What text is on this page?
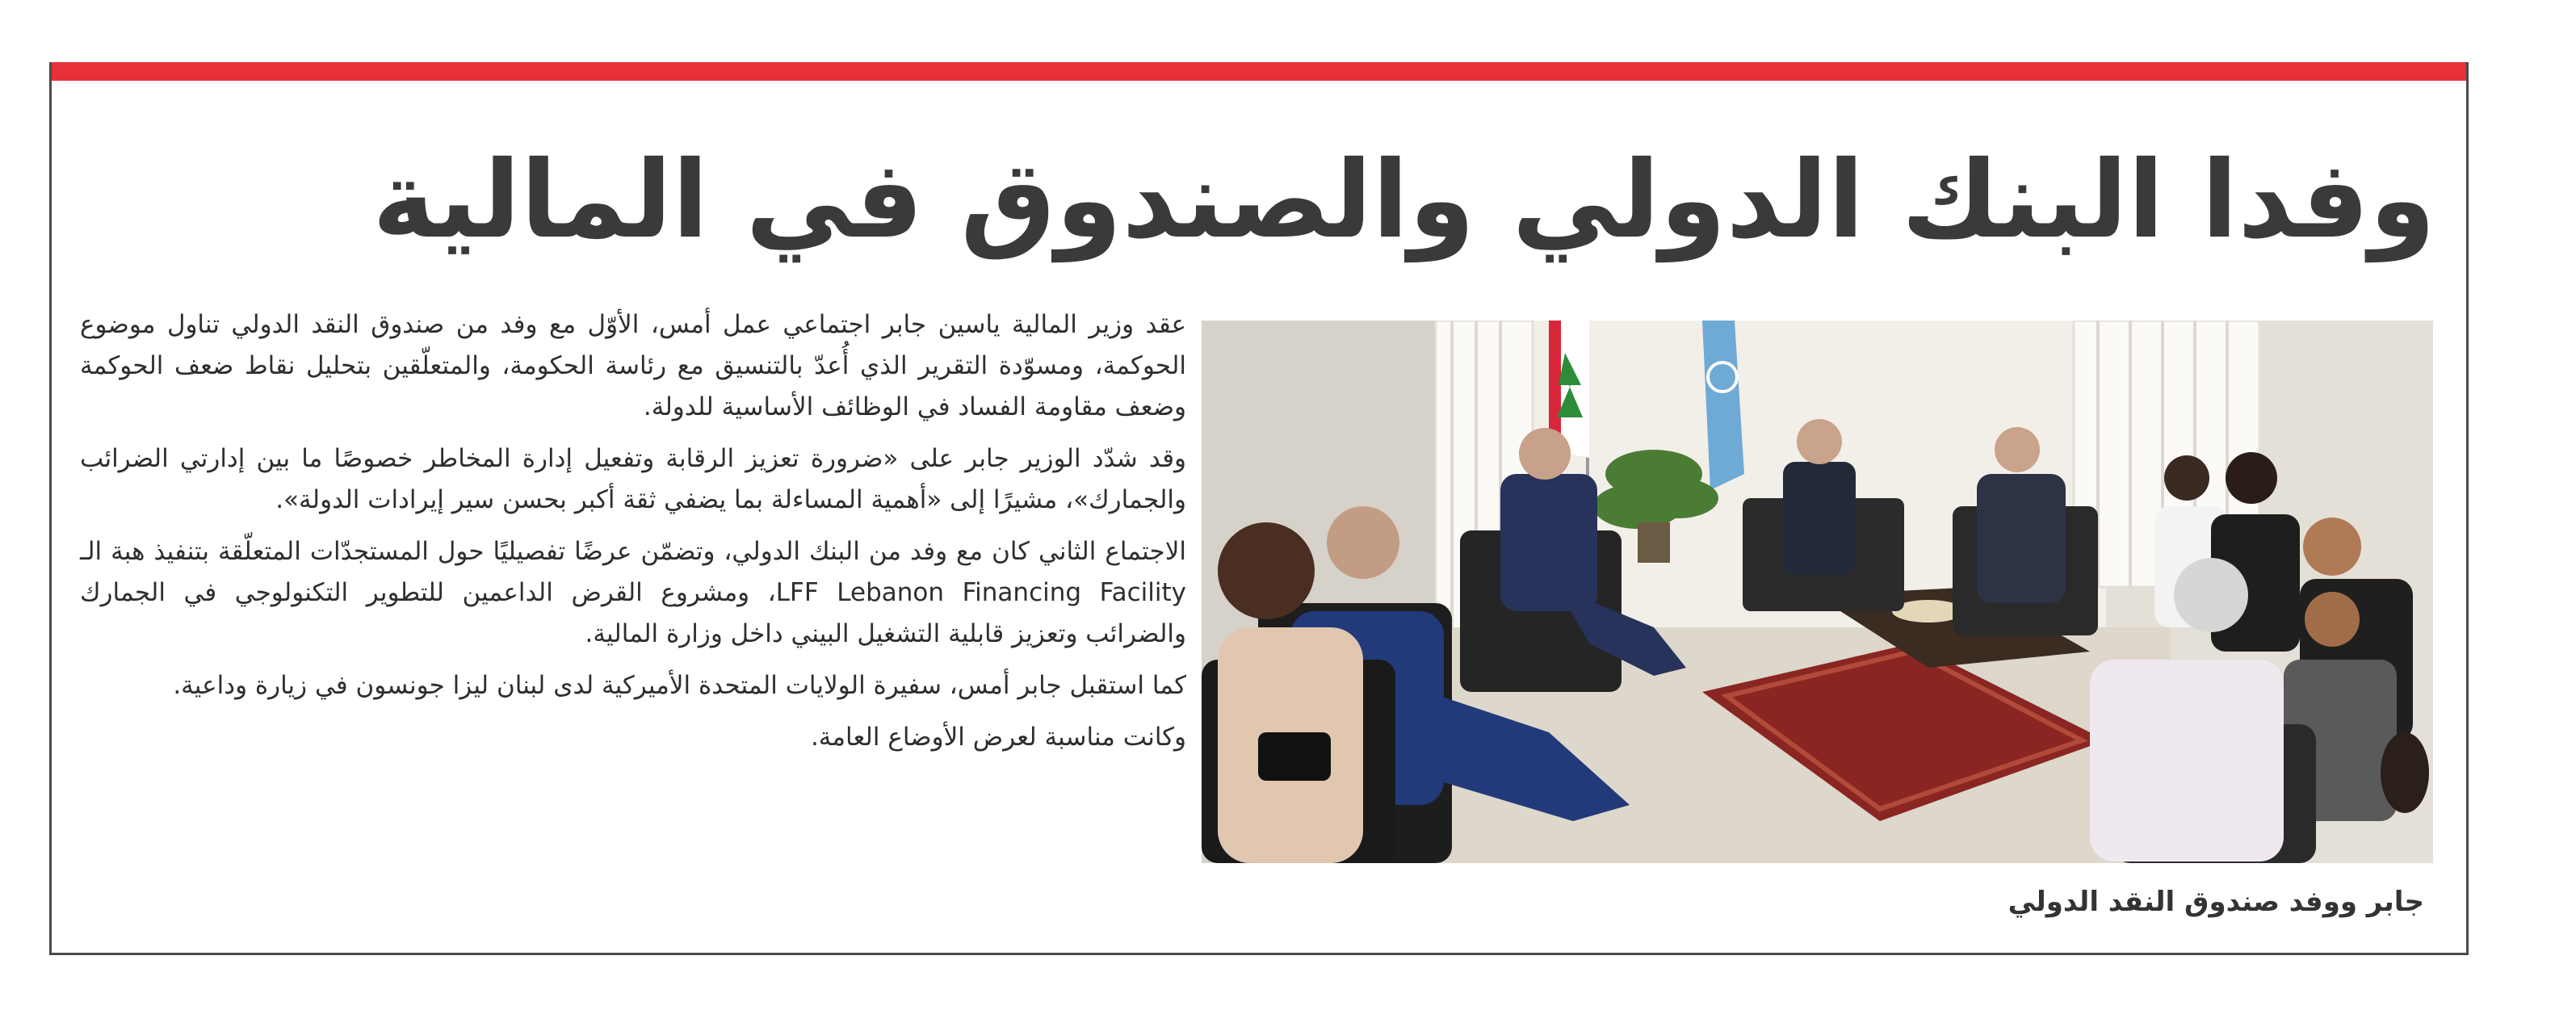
وفدا البنك الدولي والصندوق في المالية

عقد وزير المالية ياسين جابر اجتماعي عمل أمس، الأوّل مع وفد من صندوق النقد الدولي تناول موضوع الحوكمة، ومسوّدة التقرير الذي أُعدّ بالتنسيق مع رئاسة الحكومة، والمتعلّقين بتحليل نقاط ضعف الحوكمة وضعف مقاومة الفساد في الوظائف الأساسية للدولة.

وقد شدّد الوزير جابر على «ضرورة تعزيز الرقابة وتفعيل إدارة المخاطر خصوصًا ما بين إدارتي الضرائب والجمارك»، مشيرًا إلى «أهمية المساءلة بما يضفي ثقة أكبر بحسن سير إيرادات الدولة».

الاجتماع الثاني كان مع وفد من البنك الدولي، وتضمّن عرضًا تفصيليًا حول المستجدّات المتعلّقة بتنفيذ هبة الـ LFF Lebanon Financing Facility، ومشروع القرض الداعمين للتطوير التكنولوجي في الجمارك والضرائب وتعزيز قابلية التشغيل البيني داخل وزارة المالية.

كما استقبل جابر أمس، سفيرة الولايات المتحدة الأميركية لدى لبنان ليزا جونسون في زيارة وداعية.

وكانت مناسبة لعرض الأوضاع العامة.

جابر ووفد صندوق النقد الدولي
